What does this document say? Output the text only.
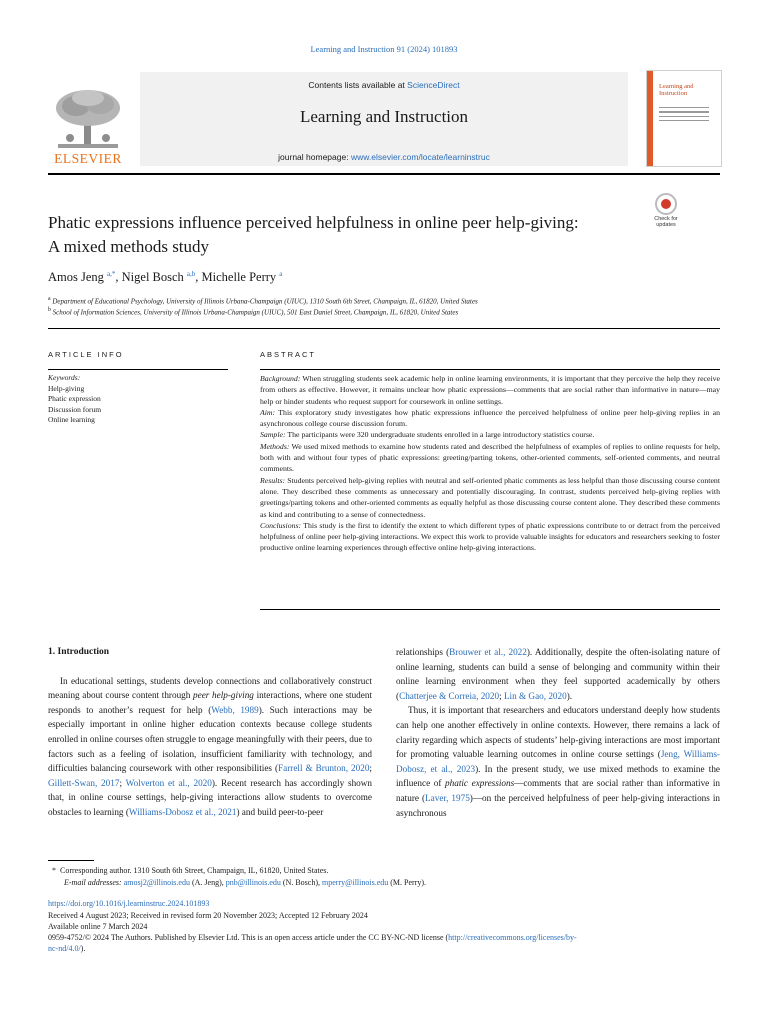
Learning and Instruction 91 (2024) 101893
Contents lists available at ScienceDirect
Learning and Instruction
journal homepage: www.elsevier.com/locate/learninstruc
ELSEVIER
Learning and Instruction
Check for updates
Phatic expressions influence perceived helpfulness in online peer help-giving: A mixed methods study
Amos Jeng $^{a,*}$, Nigel Bosch $^{a,b}$, Michelle Perry $^a$
$^a$ Department of Educational Psychology, University of Illinois Urbana-Champaign (UIUC), 1310 South 6th Street, Champaign, IL, 61820, United States
$^b$ School of Information Sciences, University of Illinois Urbana-Champaign (UIUC), 501 East Daniel Street, Champaign, IL, 61820, United States
ARTICLE INFO
Keywords:
Help-giving
Phatic expression
Discussion forum
Online learning
ABSTRACT
Background: When struggling students seek academic help in online learning environments, it is important that they perceive the help they receive from others as effective. However, it remains unclear how phatic expressions—comments that are social rather than informative in nature—may help or hinder students who request support for coursework in online settings.
Aim: This exploratory study investigates how phatic expressions influence the perceived helpfulness of online peer help-giving replies in an asynchronous college course discussion forum.
Sample: The participants were 320 undergraduate students enrolled in a large introductory statistics course.
Methods: We used mixed methods to examine how students rated and described the helpfulness of examples of replies to online requests for help, both with and without four types of phatic expressions: greeting/parting tokens, other-oriented comments, self-oriented comments, and neutral comments.
Results: Students perceived help-giving replies with neutral and self-oriented phatic comments as less helpful than those discussing course content alone. They described these comments as unnecessary and potentially discouraging. In contrast, students perceived help-giving replies with greetings/parting tokens and other-oriented comments as equally helpful as those discussing course content alone. They described these comments as kind and contributing to a sense of connectedness.
Conclusions: This study is the first to identify the extent to which different types of phatic expressions contribute to or detract from the perceived helpfulness of online peer help-giving interactions. We expect this work to provide valuable insights for educators and researchers seeking to foster productive online learning experiences through effective online help-giving interactions.
1. Introduction

In educational settings, students develop connections and collaboratively construct meaning about course content through peer help-giving interactions, where one student responds to another’s request for help (Webb, 1989). Such interactions may be especially important in online higher education contexts because college students enrolled in online courses often struggle to engage meaningfully with their peers, due to factors such as a feeling of isolation, insufficient familiarity with technology, and difficulties balancing coursework with other responsibilities (Farrell & Brunton, 2020; Gillett-Swan, 2017; Wolverton et al., 2020). Recent research has accordingly shown that, in online course settings, help-giving interactions allow students to overcome obstacles to learning (Williams-Dobosz et al., 2021) and build peer-to-peer

relationships (Brouwer et al., 2022). Additionally, despite the often-isolating nature of online learning, students can build a sense of belonging and community within their online learning environment when they feel supported academically by others (Chatterjee & Correia, 2020; Lin & Gao, 2020).

Thus, it is important that researchers and educators understand deeply how students can help one another effectively in online contexts. However, there remains a lack of clarity regarding which aspects of students’ help-giving interactions are most important for promoting valuable learning outcomes in online course settings (Jeng, Williams-Dobosz, et al., 2023). In the present study, we use mixed methods to examine the influence of phatic expressions—comments that are social rather than informative in nature (Laver, 1975)—on the perceived helpfulness of peer help-giving interactions in asynchronous

*  Corresponding author. 1310 South 6th Street, Champaign, IL, 61820, United States.
E-mail addresses: amosj2@illinois.edu (A. Jeng), pnb@illinois.edu (N. Bosch), mperry@illinois.edu (M. Perry).
https://doi.org/10.1016/j.learninstruc.2024.101893
Received 4 August 2023; Received in revised form 20 November 2023; Accepted 12 February 2024
Available online 7 March 2024
0959-4752/© 2024 The Authors. Published by Elsevier Ltd. This is an open access article under the CC BY-NC-ND license (http://creativecommons.org/licenses/by-
nc-nd/4.0/).
